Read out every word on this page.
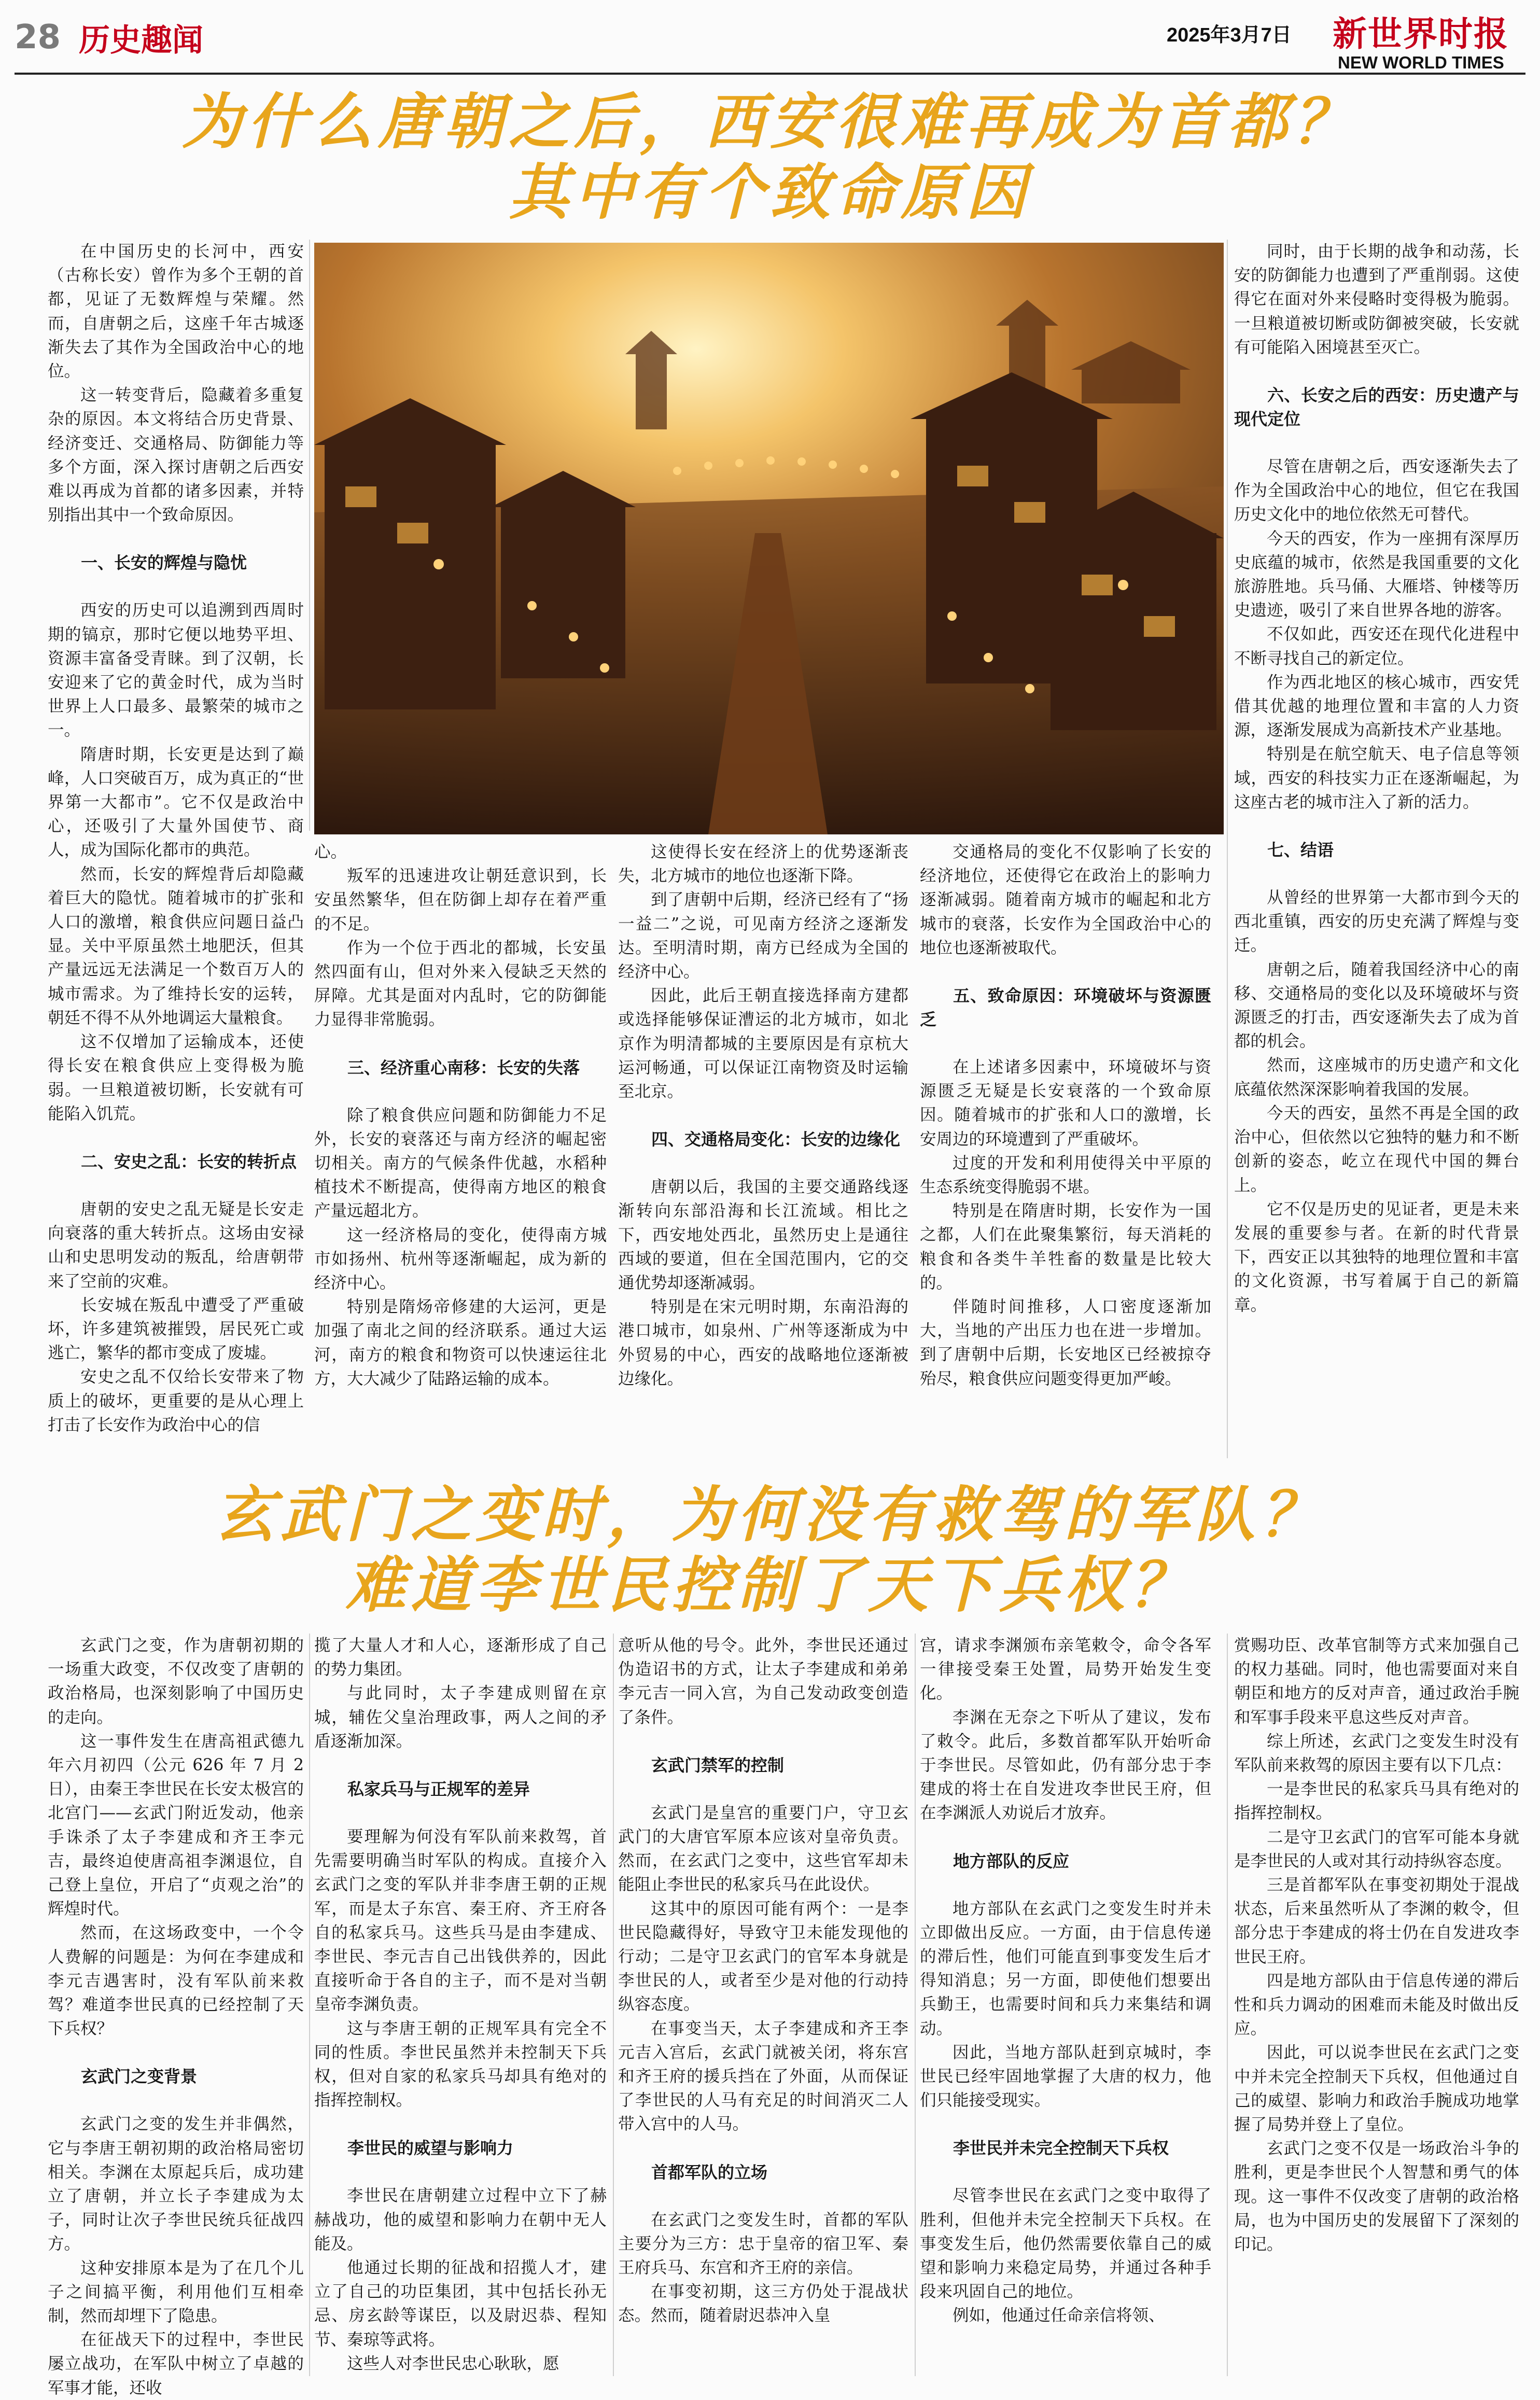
28 历史趣闻	2025年3月7日 新世界时报
NEW WORLD TIMES
为什么唐朝之后，西安很难再成为首都？
其中有个致命原因

在中国历史的长河中，西安（古称长安）曾作为多个王朝的首都，见证了无数辉煌与荣耀。然而，自唐朝之后，这座千年古城逐渐失去了其作为全国政治中心的地位。

这一转变背后，隐藏着多重复杂的原因。本文将结合历史背景、经济变迁、交通格局、防御能力等多个方面，深入探讨唐朝之后西安难以再成为首都的诸多因素，并特别指出其中一个致命原因。

一、长安的辉煌与隐忧

西安的历史可以追溯到西周时期的镐京，那时它便以地势平坦、资源丰富备受青睐。到了汉朝，长安迎来了它的黄金时代，成为当时世界上人口最多、最繁荣的城市之一。

隋唐时期，长安更是达到了巅峰，人口突破百万，成为真正的“世界第一大都市”。它不仅是政治中心，还吸引了大量外国使节、商人，成为国际化都市的典范。

然而，长安的辉煌背后却隐藏着巨大的隐忧。随着城市的扩张和人口的激增，粮食供应问题日益凸显。关中平原虽然土地肥沃，但其产量远远无法满足一个数百万人的城市需求。为了维持长安的运转，朝廷不得不从外地调运大量粮食。

这不仅增加了运输成本，还使得长安在粮食供应上变得极为脆弱。一旦粮道被切断，长安就有可能陷入饥荒。

二、安史之乱：长安的转折点

唐朝的安史之乱无疑是长安走向衰落的重大转折点。这场由安禄山和史思明发动的叛乱，给唐朝带来了空前的灾难。

长安城在叛乱中遭受了严重破坏，许多建筑被摧毁，居民死亡或逃亡，繁华的都市变成了废墟。

安史之乱不仅给长安带来了物质上的破坏，更重要的是从心理上打击了长安作为政治中心的信

心。

叛军的迅速进攻让朝廷意识到，长安虽然繁华，但在防御上却存在着严重的不足。

作为一个位于西北的都城，长安虽然四面有山，但对外来入侵缺乏天然的屏障。尤其是面对内乱时，它的防御能力显得非常脆弱。

三、经济重心南移：长安的失落

除了粮食供应问题和防御能力不足外，长安的衰落还与南方经济的崛起密切相关。南方的气候条件优越，水稻种植技术不断提高，使得南方地区的粮食产量远超北方。

这一经济格局的变化，使得南方城市如扬州、杭州等逐渐崛起，成为新的经济中心。

特别是隋炀帝修建的大运河，更是加强了南北之间的经济联系。通过大运河，南方的粮食和物资可以快速运往北方，大大减少了陆路运输的成本。

这使得长安在经济上的优势逐渐丧失，北方城市的地位也逐渐下降。

到了唐朝中后期，经济已经有了“扬一益二”之说，可见南方经济之逐渐发达。至明清时期，南方已经成为全国的经济中心。

因此，此后王朝直接选择南方建都或选择能够保证漕运的北方城市，如北京作为明清都城的主要原因是有京杭大运河畅通，可以保证江南物资及时运输至北京。

四、交通格局变化：长安的边缘化

唐朝以后，我国的主要交通路线逐渐转向东部沿海和长江流域。相比之下，西安地处西北，虽然历史上是通往西域的要道，但在全国范围内，它的交通优势却逐渐减弱。

特别是在宋元明时期，东南沿海的港口城市，如泉州、广州等逐渐成为中外贸易的中心，西安的战略地位逐渐被边缘化。

交通格局的变化不仅影响了长安的经济地位，还使得它在政治上的影响力逐渐减弱。随着南方城市的崛起和北方城市的衰落，长安作为全国政治中心的地位也逐渐被取代。

五、致命原因：环境破坏与资源匮乏

在上述诸多因素中，环境破坏与资源匮乏无疑是长安衰落的一个致命原因。随着城市的扩张和人口的激增，长安周边的环境遭到了严重破坏。

过度的开发和利用使得关中平原的生态系统变得脆弱不堪。

特别是在隋唐时期，长安作为一国之都，人们在此聚集繁衍，每天消耗的粮食和各类牛羊牲畜的数量是比较大的。

伴随时间推移，人口密度逐渐加大，当地的产出压力也在进一步增加。到了唐朝中后期，长安地区已经被掠夺殆尽，粮食供应问题变得更加严峻。

同时，由于长期的战争和动荡，长安的防御能力也遭到了严重削弱。这使得它在面对外来侵略时变得极为脆弱。一旦粮道被切断或防御被突破，长安就有可能陷入困境甚至灭亡。

六、长安之后的西安：历史遗产与现代定位

尽管在唐朝之后，西安逐渐失去了作为全国政治中心的地位，但它在我国历史文化中的地位依然无可替代。

今天的西安，作为一座拥有深厚历史底蕴的城市，依然是我国重要的文化旅游胜地。兵马俑、大雁塔、钟楼等历史遗迹，吸引了来自世界各地的游客。

不仅如此，西安还在现代化进程中不断寻找自己的新定位。

作为西北地区的核心城市，西安凭借其优越的地理位置和丰富的人力资源，逐渐发展成为高新技术产业基地。

特别是在航空航天、电子信息等领域，西安的科技实力正在逐渐崛起，为这座古老的城市注入了新的活力。

七、结语

从曾经的世界第一大都市到今天的西北重镇，西安的历史充满了辉煌与变迁。

唐朝之后，随着我国经济中心的南移、交通格局的变化以及环境破坏与资源匮乏的打击，西安逐渐失去了成为首都的机会。

然而，这座城市的历史遗产和文化底蕴依然深深影响着我国的发展。

今天的西安，虽然不再是全国的政治中心，但依然以它独特的魅力和不断创新的姿态，屹立在现代中国的舞台上。

它不仅是历史的见证者，更是未来发展的重要参与者。在新的时代背景下，西安正以其独特的地理位置和丰富的文化资源，书写着属于自己的新篇章。

玄武门之变时，为何没有救驾的军队？
难道李世民控制了天下兵权？

玄武门之变，作为唐朝初期的一场重大政变，不仅改变了唐朝的政治格局，也深刻影响了中国历史的走向。

这一事件发生在唐高祖武德九年六月初四（公元 626 年 7 月 2 日），由秦王李世民在长安太极宫的北宫门——玄武门附近发动，他亲手诛杀了太子李建成和齐王李元吉，最终迫使唐高祖李渊退位，自己登上皇位，开启了“贞观之治”的辉煌时代。

然而，在这场政变中，一个令人费解的问题是：为何在李建成和李元吉遇害时，没有军队前来救驾？难道李世民真的已经控制了天下兵权？

玄武门之变背景

玄武门之变的发生并非偶然，它与李唐王朝初期的政治格局密切相关。李渊在太原起兵后，成功建立了唐朝，并立长子李建成为太子，同时让次子李世民统兵征战四方。

这种安排原本是为了在几个儿子之间搞平衡，利用他们互相牵制，然而却埋下了隐患。

在征战天下的过程中，李世民屡立战功，在军队中树立了卓越的军事才能，还收

揽了大量人才和人心，逐渐形成了自己的势力集团。

与此同时，太子李建成则留在京城，辅佐父皇治理政事，两人之间的矛盾逐渐加深。

私家兵马与正规军的差异

要理解为何没有军队前来救驾，首先需要明确当时军队的构成。直接介入玄武门之变的军队并非李唐王朝的正规军，而是太子东宫、秦王府、齐王府各自的私家兵马。这些兵马是由李建成、李世民、李元吉自己出钱供养的，因此直接听命于各自的主子，而不是对当朝皇帝李渊负责。

这与李唐王朝的正规军具有完全不同的性质。李世民虽然并未控制天下兵权，但对自家的私家兵马却具有绝对的指挥控制权。

李世民的威望与影响力

李世民在唐朝建立过程中立下了赫赫战功，他的威望和影响力在朝中无人能及。

他通过长期的征战和招揽人才，建立了自己的功臣集团，其中包括长孙无忌、房玄龄等谋臣，以及尉迟恭、程知节、秦琼等武将。

这些人对李世民忠心耿耿，愿

意听从他的号令。此外，李世民还通过伪造诏书的方式，让太子李建成和弟弟李元吉一同入宫，为自己发动政变创造了条件。

玄武门禁军的控制

玄武门是皇宫的重要门户，守卫玄武门的大唐官军原本应该对皇帝负责。然而，在玄武门之变中，这些官军却未能阻止李世民的私家兵马在此设伏。

这其中的原因可能有两个：一是李世民隐藏得好，导致守卫未能发现他的行动；二是守卫玄武门的官军本身就是李世民的人，或者至少是对他的行动持纵容态度。

在事变当天，太子李建成和齐王李元吉入宫后，玄武门就被关闭，将东宫和齐王府的援兵挡在了外面，从而保证了李世民的人马有充足的时间消灭二人带入宫中的人马。

首都军队的立场

在玄武门之变发生时，首都的军队主要分为三方：忠于皇帝的宿卫军、秦王府兵马、东宫和齐王府的亲信。

在事变初期，这三方仍处于混战状态。然而，随着尉迟恭冲入皇

宫，请求李渊颁布亲笔敕令，命令各军一律接受秦王处置，局势开始发生变化。

李渊在无奈之下听从了建议，发布了敕令。此后，多数首都军队开始听命于李世民。尽管如此，仍有部分忠于李建成的将士在自发进攻李世民王府，但在李渊派人劝说后才放弃。

地方部队的反应

地方部队在玄武门之变发生时并未立即做出反应。一方面，由于信息传递的滞后性，他们可能直到事变发生后才得知消息；另一方面，即使他们想要出兵勤王，也需要时间和兵力来集结和调动。

因此，当地方部队赶到京城时，李世民已经牢固地掌握了大唐的权力，他们只能接受现实。

李世民并未完全控制天下兵权

尽管李世民在玄武门之变中取得了胜利，但他并未完全控制天下兵权。在事变发生后，他仍然需要依靠自己的威望和影响力来稳定局势，并通过各种手段来巩固自己的地位。

例如，他通过任命亲信将领、

赏赐功臣、改革官制等方式来加强自己的权力基础。同时，他也需要面对来自朝臣和地方的反对声音，通过政治手腕和军事手段来平息这些反对声音。

综上所述，玄武门之变发生时没有军队前来救驾的原因主要有以下几点：

一是李世民的私家兵马具有绝对的指挥控制权。

二是守卫玄武门的官军可能本身就是李世民的人或对其行动持纵容态度。

三是首都军队在事变初期处于混战状态，后来虽然听从了李渊的敕令，但部分忠于李建成的将士仍在自发进攻李世民王府。

四是地方部队由于信息传递的滞后性和兵力调动的困难而未能及时做出反应。

因此，可以说李世民在玄武门之变中并未完全控制天下兵权，但他通过自己的威望、影响力和政治手腕成功地掌握了局势并登上了皇位。

玄武门之变不仅是一场政治斗争的胜利，更是李世民个人智慧和勇气的体现。这一事件不仅改变了唐朝的政治格局，也为中国历史的发展留下了深刻的印记。
